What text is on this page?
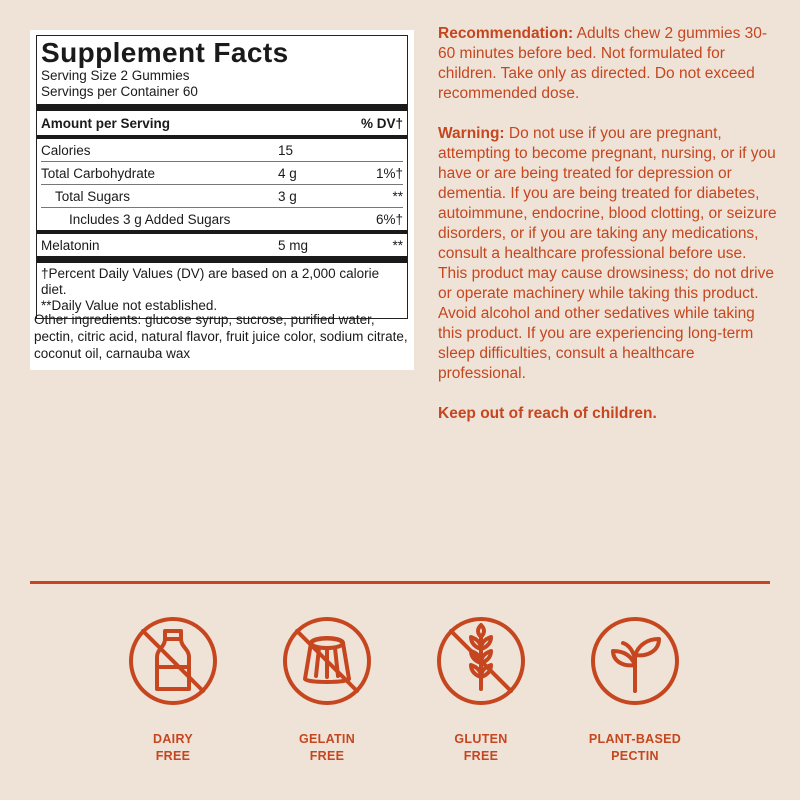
Supplement Facts
Serving Size 2 Gummies
Servings per Container 60
Amount per Serving	% DV†
Calories	15
Total Carbohydrate	4 g	1%†
Total Sugars	3 g	**
Includes 3 g Added Sugars	6%†
Melatonin	5 mg	**
†Percent Daily Values (DV) are based on a 2,000 calorie diet.
**Daily Value not established.
Other ingredients: glucose syrup, sucrose, purified water, pectin, citric acid, natural flavor, fruit juice color, sodium citrate, coconut oil, carnauba wax

Recommendation: Adults chew 2 gummies 30-60 minutes before bed. Not formulated for children. Take only as directed. Do not exceed recommended dose.

Warning: Do not use if you are pregnant, attempting to become pregnant, nursing, or if you have or are being treated for depression or dementia. If you are being treated for diabetes, autoimmune, endocrine, blood clotting, or seizure disorders, or if you are taking any medications, consult a healthcare professional before use. This product may cause drowsiness; do not drive or operate machinery while taking this product. Avoid alcohol and other sedatives while taking this product. If you are experiencing long-term sleep difficulties, consult a healthcare professional.

Keep out of reach of children.

DAIRY
FREE
GELATIN
FREE
GLUTEN
FREE
PLANT-BASED
PECTIN
